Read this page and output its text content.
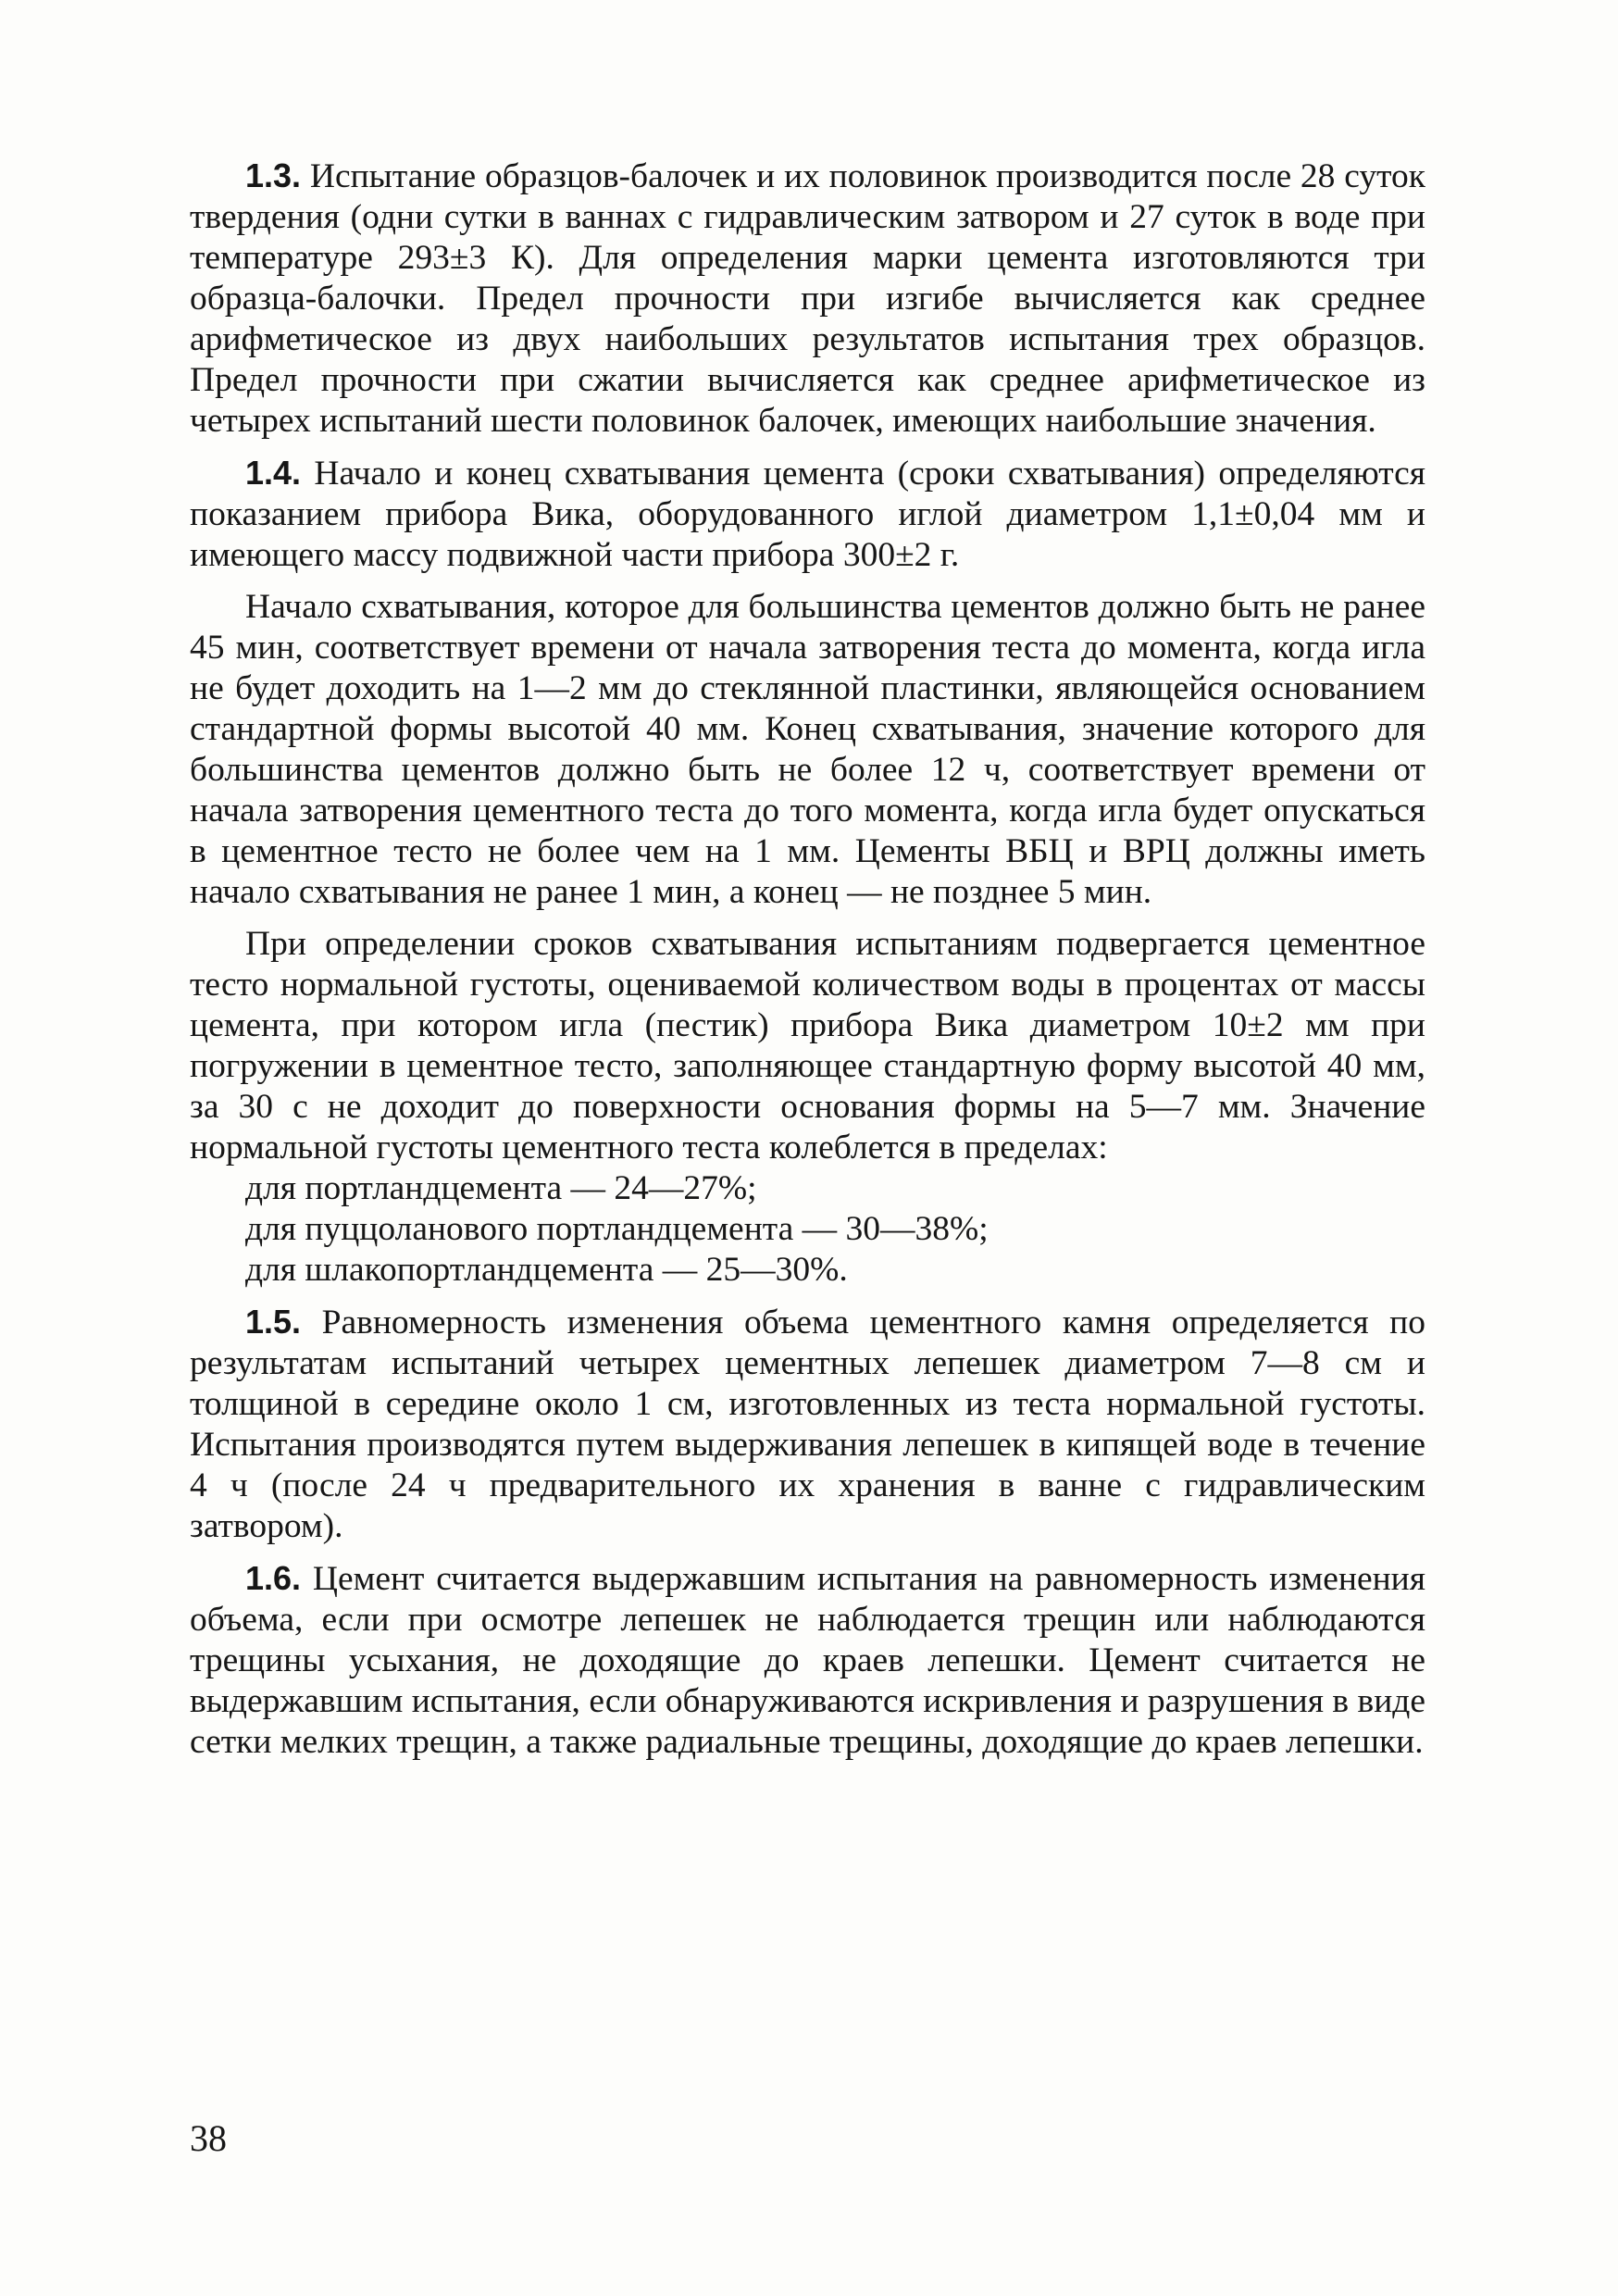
1.3. Испытание образцов-балочек и их половинок производится после 28 суток твердения (одни сутки в ваннах с гидравлическим затвором и 27 суток в воде при температуре 293±3 К). Для определения марки цемента изготовляются три образца-балочки. Предел прочности при изгибе вычисляется как среднее арифметическое из двух наибольших результатов испытания трех образцов. Предел прочности при сжатии вычисляется как среднее арифметическое из четырех испытаний шести половинок балочек, имеющих наибольшие значения.

1.4. Начало и конец схватывания цемента (сроки схватывания) определяются показанием прибора Вика, оборудованного иглой диаметром 1,1±0,04 мм и имеющего массу подвижной части прибора 300±2 г.

Начало схватывания, которое для большинства цементов должно быть не ранее 45 мин, соответствует времени от начала затворения теста до момента, когда игла не будет доходить на 1—2 мм до стеклянной пластинки, являющейся основанием стандартной формы высотой 40 мм. Конец схватывания, значение которого для большинства цементов должно быть не более 12 ч, соответствует времени от начала затворения цементного теста до того момента, когда игла будет опускаться в цементное тесто не более чем на 1 мм. Цементы ВБЦ и ВРЦ должны иметь начало схватывания не ранее 1 мин, а конец — не позднее 5 мин.

При определении сроков схватывания испытаниям подвергается цементное тесто нормальной густоты, оцениваемой количеством воды в процентах от массы цемента, при котором игла (пестик) прибора Вика диаметром 10±2 мм при погружении в цементное тесто, заполняющее стандартную форму высотой 40 мм, за 30 с не доходит до поверхности основания формы на 5—7 мм. Значение нормальной густоты цементного теста колеблется в пределах:

для портландцемента — 24—27%;
для пуццоланового портландцемента — 30—38%;
для шлакопортландцемента — 25—30%.

1.5. Равномерность изменения объема цементного камня определяется по результатам испытаний четырех цементных лепешек диаметром 7—8 см и толщиной в середине около 1 см, изготовленных из теста нормальной густоты. Испытания производятся путем выдерживания лепешек в кипящей воде в течение 4 ч (после 24 ч предварительного их хранения в ванне с гидравлическим затвором).

1.6. Цемент считается выдержавшим испытания на равномерность изменения объема, если при осмотре лепешек не наблюдается трещин или наблюдаются трещины усыхания, не доходящие до краев лепешки. Цемент считается не выдержавшим испытания, если обнаруживаются искривления и разрушения в виде сетки мелких трещин, а также радиальные трещины, доходящие до краев лепешки.

38
